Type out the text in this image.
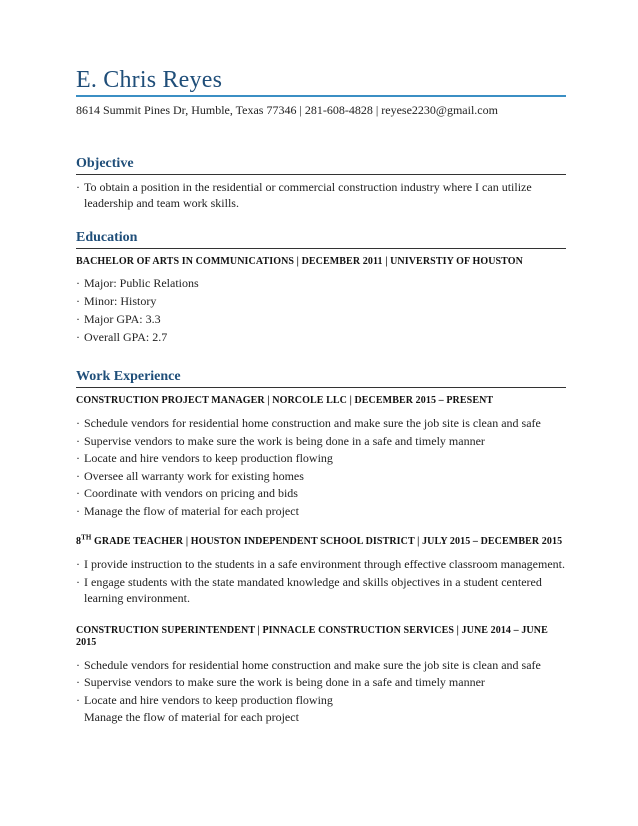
E. Chris Reyes
8614 Summit Pines Dr, Humble, Texas 77346 | 281-608-4828 | reyese2230@gmail.com
Objective
· To obtain a position in the residential or commercial construction industry where I can utilize leadership and team work skills.
Education
BACHELOR OF ARTS IN COMMUNICATIONS | DECEMBER 2011 | UNIVERSTIY OF HOUSTON
· Major: Public Relations
· Minor: History
· Major GPA: 3.3
· Overall GPA: 2.7
Work Experience
CONSTRUCTION PROJECT MANAGER | NORCOLE LLC | DECEMBER 2015 – PRESENT
· Schedule vendors for residential home construction and make sure the job site is clean and safe
· Supervise vendors to make sure the work is being done in a safe and timely manner
· Locate and hire vendors to keep production flowing
· Oversee all warranty work for existing homes
· Coordinate with vendors on pricing and bids
· Manage the flow of material for each project
8TH GRADE TEACHER | HOUSTON INDEPENDENT SCHOOL DISTRICT | JULY 2015 – DECEMBER 2015
· I provide instruction to the students in a safe environment through effective classroom management.
· I engage students with the state mandated knowledge and skills objectives in a student centered learning environment.
CONSTRUCTION SUPERINTENDENT | PINNACLE CONSTRUCTION SERVICES | JUNE 2014 – JUNE 2015
· Schedule vendors for residential home construction and make sure the job site is clean and safe
· Supervise vendors to make sure the work is being done in a safe and timely manner
· Locate and hire vendors to keep production flowing
Manage the flow of material for each project
